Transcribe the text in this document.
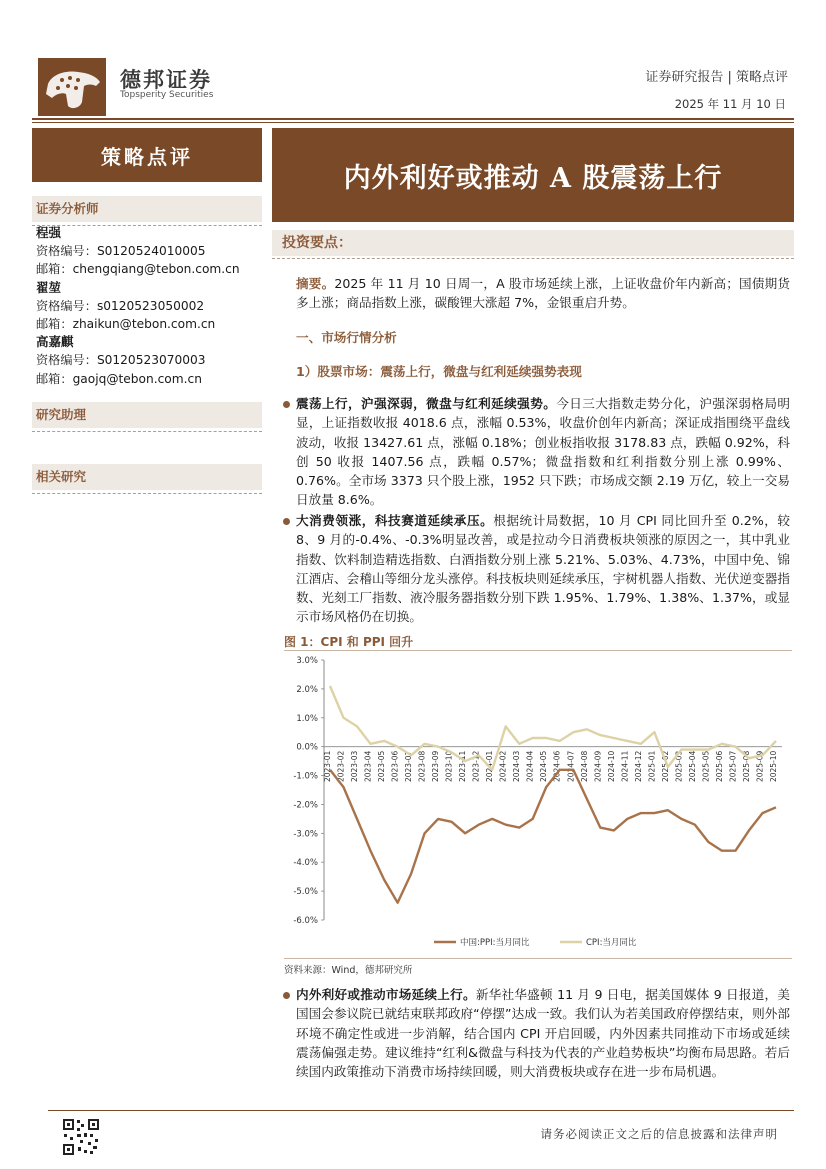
德邦证券
Topsperity Securities
证券研究报告 | 策略点评
2025 年 11 月 10 日
策略点评
证券分析师
程强
资格编号：S0120524010005
邮箱：chengqiang@tebon.com.cn
翟堃
资格编号：s0120523050002
邮箱：zhaikun@tebon.com.cn
高嘉麒
资格编号：S0120523070003
邮箱：gaojq@tebon.com.cn
研究助理
相关研究
内外利好或推动 A 股震荡上行
投资要点：
摘要。2025 年 11 月 10 日周一，A 股市场延续上涨，上证收盘价年内新高；国债期货多上涨；商品指数上涨，碳酸锂大涨超 7%，金银重启升势。
一、市场行情分析
1）股票市场：震荡上行，微盘与红利延续强势表现
震荡上行，沪强深弱，微盘与红利延续强势。今日三大指数走势分化，沪强深弱格局明显，上证指数收报 4018.6 点，涨幅 0.53%，收盘价创年内新高；深证成指围绕平盘线波动，收报 13427.61 点，涨幅 0.18%；创业板指收报 3178.83 点，跌幅 0.92%，科创 50 收报 1407.56 点，跌幅 0.57%；微盘指数和红利指数分别上涨 0.99%、0.76%。全市场 3373 只个股上涨，1952 只下跌；市场成交额 2.19 万亿，较上一交易日放量 8.6%。
大消费领涨，科技赛道延续承压。根据统计局数据，10 月 CPI 同比回升至 0.2%，较 8、9 月的-0.4%、-0.3%明显改善，或是拉动今日消费板块领涨的原因之一，其中乳业指数、饮料制造精选指数、白酒指数分别上涨 5.21%、5.03%、4.73%，中国中免、锦江酒店、会稽山等细分龙头涨停。科技板块则延续承压，宇树机器人指数、光伏逆变器指数、光刻工厂指数、液冷服务器指数分别下跌 1.95%、1.79%、1.38%、1.37%，或显示市场风格仍在切换。
图 1：CPI 和 PPI 回升
3.0%
2.0%
1.0%
0.0%
-1.0%
-2.0%
-3.0%
-4.0%
-5.0%
-6.0%
2023-01 2023-02 2023-03 2023-04 2023-05 2023-06 2023-07 2023-08 2023-09 2023-10 2023-11 2023-12 2024-01 2024-02 2024-03 2024-04 2024-05 2024-06 2024-07 2024-08 2024-09 2024-10 2024-11 2024-12 2025-01 2025-02 2025-03 2025-04 2025-05 2025-06 2025-07 2025-08 2025-09 2025-10
中国:PPI:当月同比	CPI:当月同比
资料来源：Wind，德邦研究所
内外利好或推动市场延续上行。新华社华盛顿 11 月 9 日电，据美国媒体 9 日报道，美国国会参议院已就结束联邦政府“停摆”达成一致。我们认为若美国政府停摆结束，则外部环境不确定性或进一步消解，结合国内 CPI 开启回暖，内外因素共同推动下市场或延续震荡偏强走势。建议维持“红利&微盘与科技为代表的产业趋势板块”均衡布局思路。若后续国内政策推动下消费市场持续回暖，则大消费板块或存在进一步布局机遇。
请务必阅读正文之后的信息披露和法律声明
